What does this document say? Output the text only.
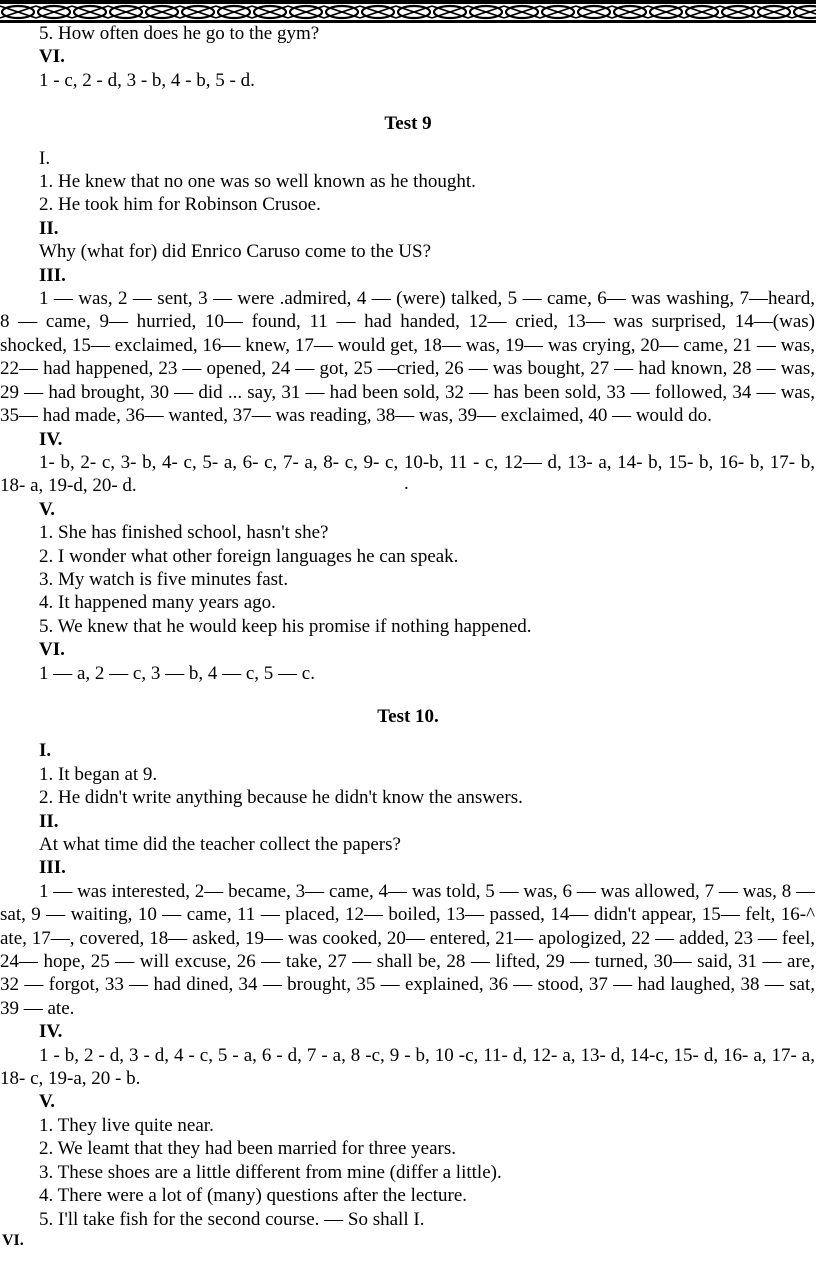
5. How often does he go to the gym?
VI.
1 - c, 2 - d, 3 - b, 4 - b, 5 - d.
Test 9
I.
1. He knew that no one was so well known as he thought.
2. He took him for Robinson Crusoe.
II.
Why (what for) did Enrico Caruso come to the US?
III.
1 — was, 2 — sent, 3 — were .admired, 4 — (were) talked, 5 — came, 6— was washing, 7—heard, 8 — came, 9— hurried, 10— found, 11 — had handed, 12— cried, 13— was surprised, 14—(was) shocked, 15— exclaimed, 16— knew, 17— would get, 18— was, 19— was crying, 20— came, 21 — was, 22— had happened, 23 — opened, 24 — got, 25 —cried, 26 — was bought, 27 — had known, 28 — was, 29 — had brought, 30 — did ... say, 31 — had been sold, 32 — has been sold, 33 — followed, 34 — was, 35— had made, 36— wanted, 37— was reading, 38— was, 39— exclaimed, 40 — would do.
IV.
1- b, 2- c, 3- b, 4- c, 5- a, 6- c, 7- a, 8- c, 9- c, 10-b, 11 - c, 12— d, 13- a, 14- b, 15- b, 16- b, 17- b, 18- a, 19-d, 20- d.	.
V.
1. She has finished school, hasn't she?
2. I wonder what other foreign languages he can speak.
3. My watch is five minutes fast.
4. It happened many years ago.
5. We knew that he would keep his promise if nothing happened.
VI.
1 — a, 2 — c, 3 — b, 4 — c, 5 — c.
Test 10.
I.
1. It began at 9.
2. He didn't write anything because he didn't know the answers.
II.
At what time did the teacher collect the papers?
III.
1 — was interested, 2— became, 3— came, 4— was told, 5 — was, 6 — was allowed, 7 — was, 8 — sat, 9 — waiting, 10 — came, 11 — placed, 12— boiled, 13— passed, 14— didn't appear, 15— felt, 16-^ ate, 17—, covered, 18— asked, 19— was cooked, 20— entered, 21— apologized, 22 — added, 23 — feel, 24— hope, 25 — will excuse, 26 — take, 27 — shall be, 28 — lifted, 29 — turned, 30— said, 31 — are, 32 — forgot, 33 — had dined, 34 — brought, 35 — explained, 36 — stood, 37 — had laughed, 38 — sat, 39 — ate.
IV.
1 - b, 2 - d, 3 - d, 4 - c, 5 - a, 6 - d, 7 - a, 8 -c, 9 - b, 10 -c, 11- d, 12- a, 13- d, 14-c, 15- d, 16- a, 17- a, 18- c, 19-a, 20 - b.
V.
1. They live quite near.
2. We leamt that they had been married for three years.
3. These shoes are a little different from mine (differ a little).
4. There were a lot of (many) questions after the lecture.
5. I'll take fish for the second course. — So shall I.
VI.
